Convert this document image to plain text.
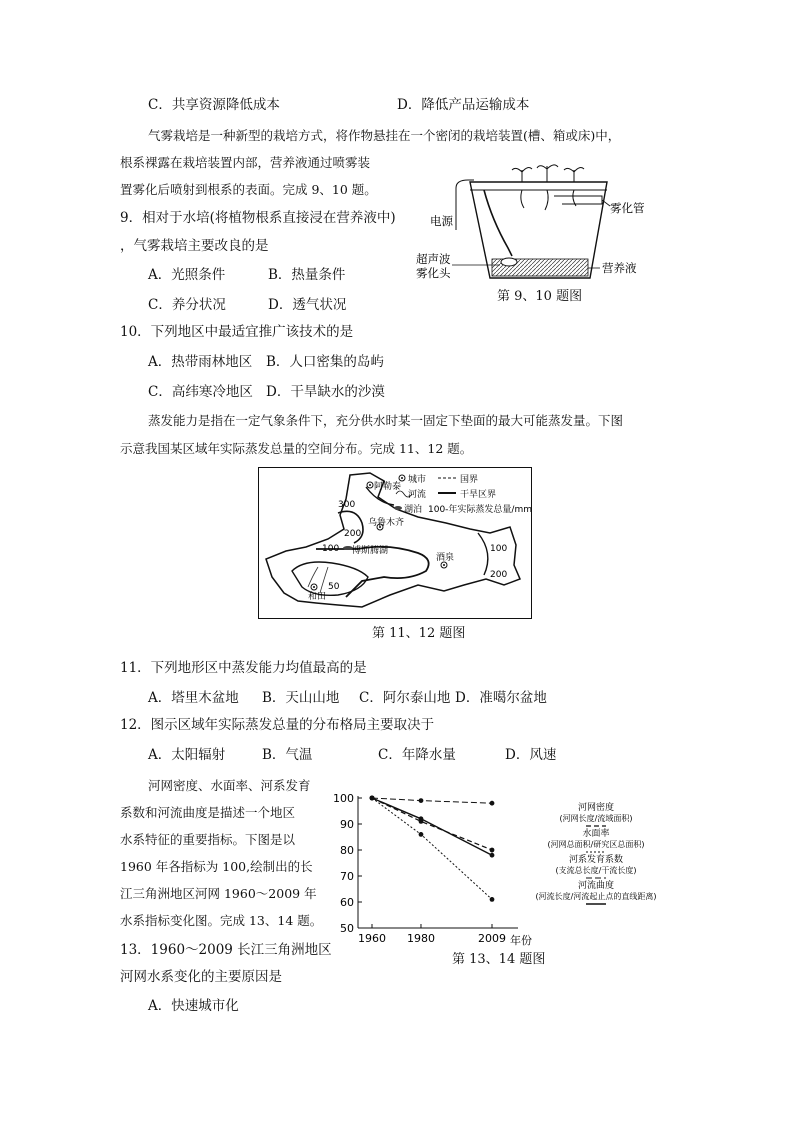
C．共享资源降低成本	D．降低产品运输成本
气雾栽培是一种新型的栽培方式，将作物悬挂在一个密闭的栽培装置(槽、箱或床)中，
根系裸露在栽培装置内部，营养液通过喷雾装
置雾化后喷射到根系的表面。完成 9、10 题。
9．相对于水培(将植物根系直接浸在营养液中)
，气雾栽培主要改良的是
A．光照条件	B．热量条件
C．养分状况	D．透气状况
电源
雾化管
超声波
雾化头	营养液
第 9、10 题图
10．下列地区中最适宜推广该技术的是
A．热带雨林地区 B．人口密集的岛屿
C．高纬寒冷地区 D．干旱缺水的沙漠
蒸发能力是指在一定气象条件下，充分供水时某一固定下垫面的最大可能蒸发量。下图
示意我国某区域年实际蒸发总量的空间分布。完成 11、12 题。
城市	国界
河流	干旱区界
湖泊 100-年实际蒸发总量/mm
阿勒泰
乌鲁木齐
酒泉
和田
博斯腾湖
300
200
100
50
100
200
第 11、12 题图
11．下列地形区中蒸发能力均值最高的是
A．塔里木盆地 B．天山山地 C．阿尔泰山地 D．准噶尔盆地
12．图示区域年实际蒸发总量的分布格局主要取决于
A．太阳辐射	B．气温	C．年降水量	D．风速
河网密度、水面率、河系发育
系数和河流曲度是描述一个地区
水系特征的重要指标。下图是以
1960 年各指标为 100,绘制出的长
江三角洲地区河网 1960～2009 年
水系指标变化图。完成 13、14 题。
100
90
80
70
60
50
1960 1980	2009 年份
河网密度
(河网长度/流域面积)
水面率
(河网总面积/研究区总面积)
河系发育系数
(支流总长度/干流长度)
河流曲度
(河流长度/河流起止点的直线距离)
第 13、14 题图
13．1960～2009 长江三角洲地区
河网水系变化的主要原因是
A．快速城市化
